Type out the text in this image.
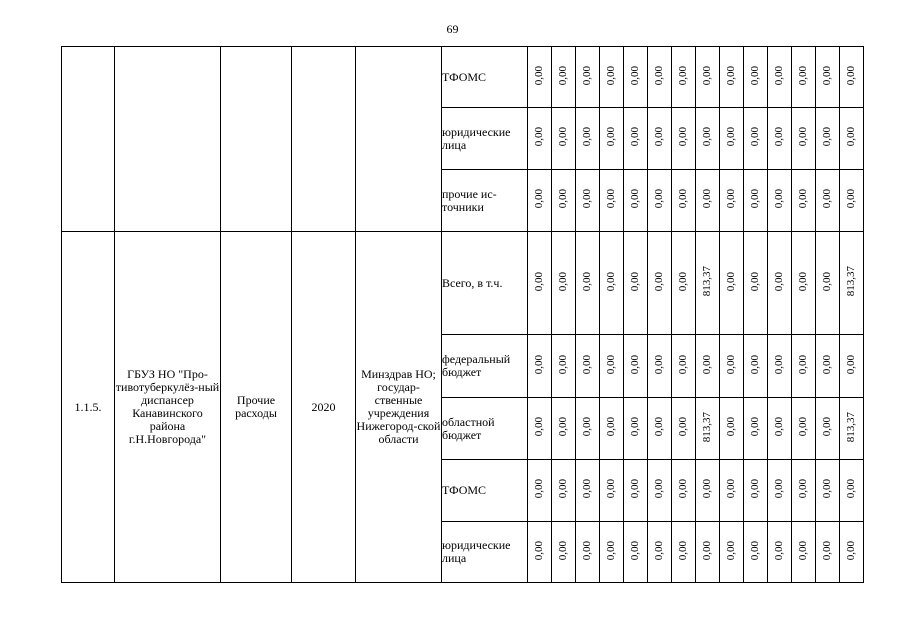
69
					ТФОМС	0,00	0,00	0,00	0,00	0,00	0,00	0,00	0,00	0,00	0,00	0,00	0,00	0,00	0,00
					юридические лица	0,00	0,00	0,00	0,00	0,00	0,00	0,00	0,00	0,00	0,00	0,00	0,00	0,00	0,00
					прочие ис-точники	0,00	0,00	0,00	0,00	0,00	0,00	0,00	0,00	0,00	0,00	0,00	0,00	0,00	0,00
1.1.5.	ГБУЗ НО "Про-тивотуберкулёз-ный диспансер Канавинского района г.Н.Новгорода"	Прочие расходы	2020	Минздрав НО; государ-ственные учреждения Нижегород-ской области	Всего, в т.ч.	0,00	0,00	0,00	0,00	0,00	0,00	0,00	813,37	0,00	0,00	0,00	0,00	0,00	813,37
					федеральный бюджет	0,00	0,00	0,00	0,00	0,00	0,00	0,00	0,00	0,00	0,00	0,00	0,00	0,00	0,00
					областной бюджет	0,00	0,00	0,00	0,00	0,00	0,00	0,00	813,37	0,00	0,00	0,00	0,00	0,00	813,37
					ТФОМС	0,00	0,00	0,00	0,00	0,00	0,00	0,00	0,00	0,00	0,00	0,00	0,00	0,00	0,00
					юридические лица	0,00	0,00	0,00	0,00	0,00	0,00	0,00	0,00	0,00	0,00	0,00	0,00	0,00	0,00
